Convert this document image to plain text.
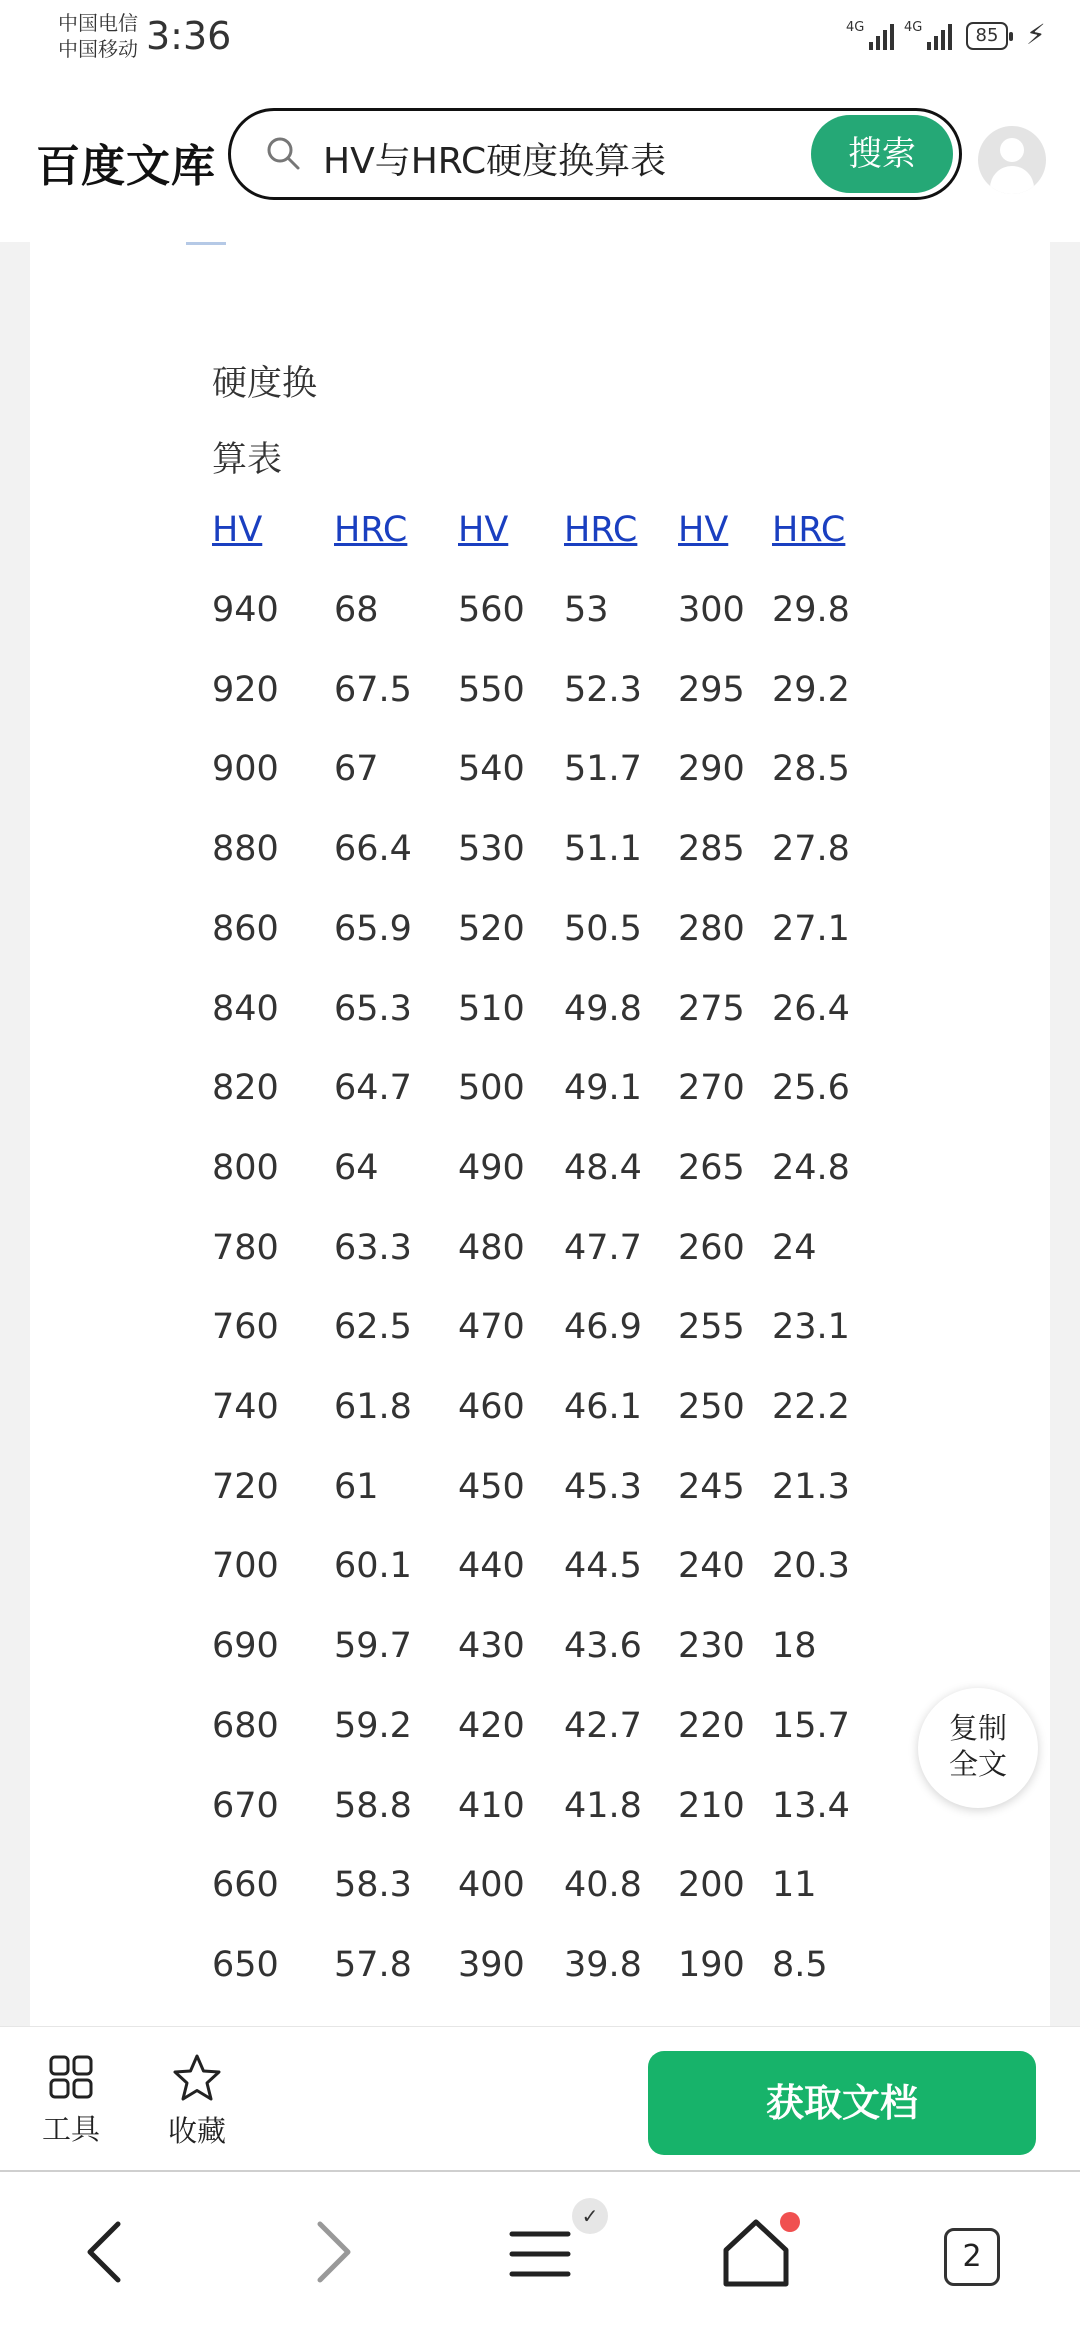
中国电信
中国移动 3:36	4G	4G	85 ⚡︎
百度文库	HV与HRC硬度换算表	搜索
硬度换
算表
HV HRC HV HRC HV HRC
940 68 560 53 300 29.8
920 67.5 550 52.3 295 29.2
900 67 540 51.7 290 28.5
880 66.4 530 51.1 285 27.8
860 65.9 520 50.5 280 27.1
840 65.3 510 49.8 275 26.4
820 64.7 500 49.1 270 25.6
800 64 490 48.4 265 24.8
780 63.3 480 47.7 260 24
760 62.5 470 46.9 255 23.1
740 61.8 460 46.1 250 22.2
720 61 450 45.3 245 21.3
700 60.1 440 44.5 240 20.3
690 59.7 430 43.6 230 18
680 59.2 420 42.7 220 15.7
670 58.8 410 41.8 210 13.4
660 58.3 400 40.8 200 11
650 57.8 390 39.8 190 8.5
复制
全文
工具	收藏
获取文档
✓
2
